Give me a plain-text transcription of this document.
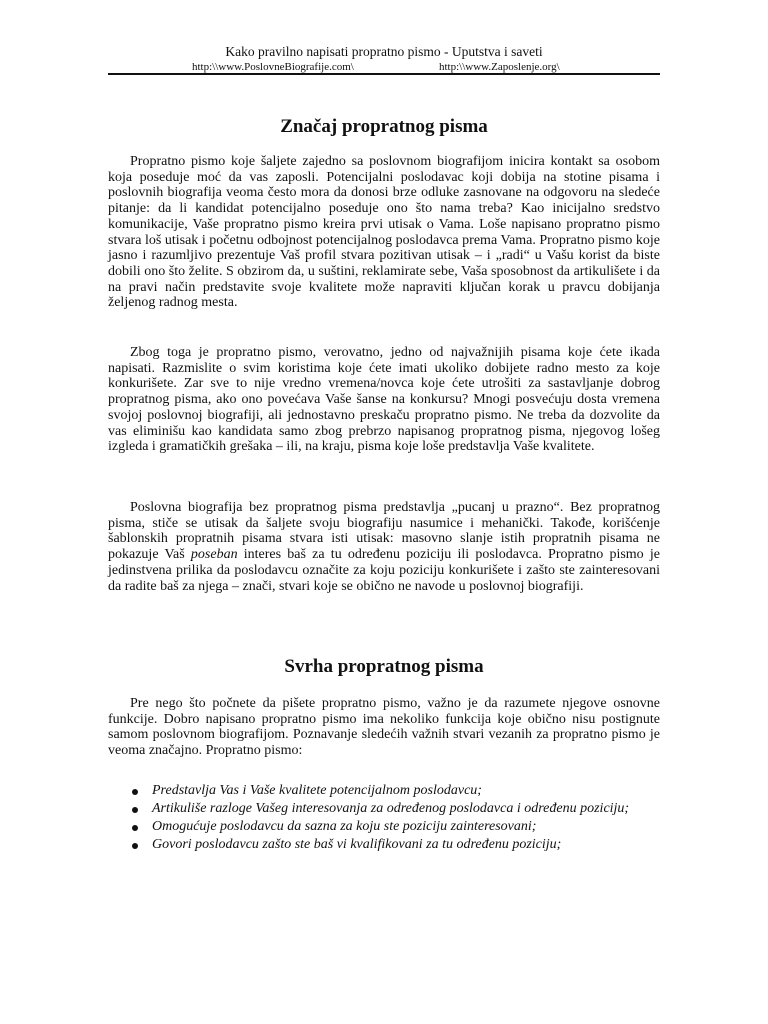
Kako pravilno napisati propratno pismo - Uputstva i saveti
http:\\www.PoslovneBiografije.com\	http:\\www.Zaposlenje.org\
Značaj propratnog pisma

Propratno pismo koje šaljete zajedno sa poslovnom biografijom inicira kontakt sa osobom koja poseduje moć da vas zaposli. Potencijalni poslodavac koji dobija na stotine pisama i poslovnih biografija veoma često mora da donosi brze odluke zasnovane na odgovoru na sledeće pitanje: da li kandidat potencijalno poseduje ono što nama treba? Kao inicijalno sredstvo komunikacije, Vaše propratno pismo kreira prvi utisak o Vama. Loše napisano propratno pismo stvara loš utisak i početnu odbojnost potencijalnog poslodavca prema Vama. Propratno pismo koje jasno i razumljivo prezentuje Vaš profil stvara pozitivan utisak – i „radi“ u Vašu korist da biste dobili ono što želite. S obzirom da, u suštini, reklamirate sebe, Vaša sposobnost da artikulišete i da na pravi način predstavite svoje kvalitete može napraviti ključan korak u pravcu dobijanja željenog radnog mesta.

Zbog toga je propratno pismo, verovatno, jedno od najvažnijih pisama koje ćete ikada napisati. Razmislite o svim koristima koje ćete imati ukoliko dobijete radno mesto za koje konkurišete. Zar sve to nije vredno vremena/novca koje ćete utrošiti za sastavljanje dobrog propratnog pisma, ako ono povećava Vaše šanse na konkursu? Mnogi posvećuju dosta vremena svojoj poslovnoj biografiji, ali jednostavno preskaču propratno pismo. Ne treba da dozvolite da vas eliminišu kao kandidata samo zbog prebrzo napisanog propratnog pisma, njegovog lošeg izgleda i gramatičkih grešaka – ili, na kraju, pisma koje loše predstavlja Vaše kvalitete.

Poslovna biografija bez propratnog pisma predstavlja „pucanj u prazno“. Bez propratnog pisma, stiče se utisak da šaljete svoju biografiju nasumice i mehanički. Takođe, korišćenje šablonskih propratnih pisama stvara isti utisak: masovno slanje istih propratnih pisama ne pokazuje Vaš poseban interes baš za tu određenu poziciju ili poslodavca. Propratno pismo je jedinstvena prilika da poslodavcu označite za koju poziciju konkurišete i zašto ste zainteresovani da radite baš za njega – znači, stvari koje se obično ne navode u poslovnoj biografiji.

Svrha propratnog pisma

Pre nego što počnete da pišete propratno pismo, važno je da razumete njegove osnovne funkcije. Dobro napisano propratno pismo ima nekoliko funkcija koje obično nisu postignute samom poslovnom biografijom. Poznavanje sledećih važnih stvari vezanih za propratno pismo je veoma značajno. Propratno pismo:

Predstavlja Vas i Vaše kvalitete potencijalnom poslodavcu;
Artikuliše razloge Vašeg interesovanja za određenog poslodavca i određenu poziciju;
Omogućuje poslodavcu da sazna za koju ste poziciju zainteresovani;
Govori poslodavcu zašto ste baš vi kvalifikovani za tu određenu poziciju;
